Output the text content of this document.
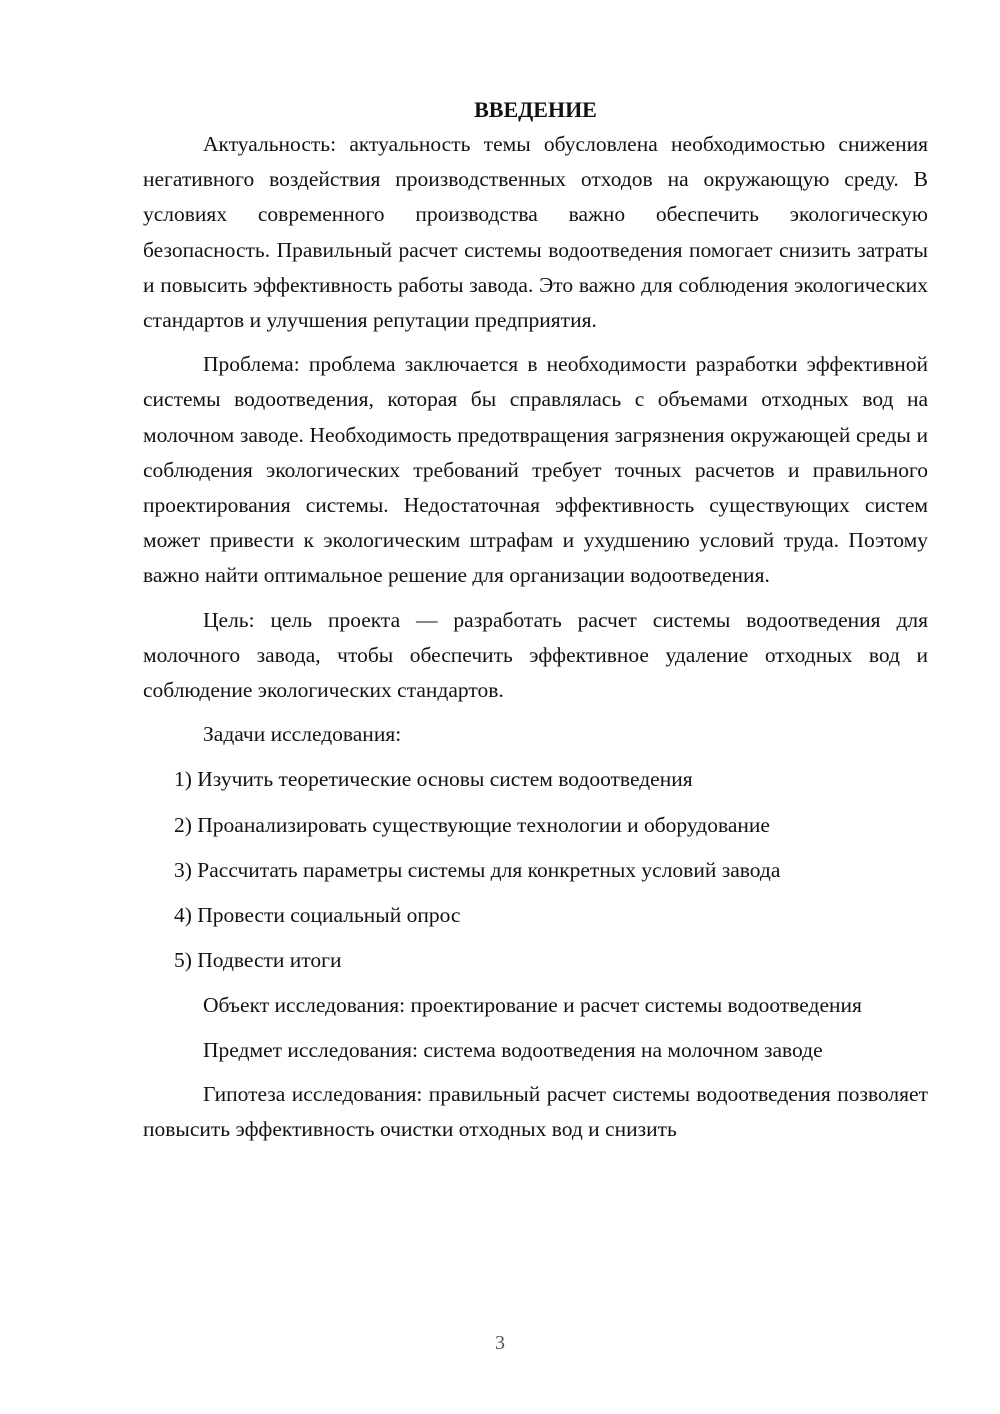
ВВЕДЕНИЕ

Актуальность: актуальность темы обусловлена необходимостью снижения негативного воздействия производственных отходов на окружающую среду. В условиях современного производства важно обеспечить экологическую безопасность. Правильный расчет системы водоотведения помогает снизить затраты и повысить эффективность работы завода. Это важно для соблюдения экологических стандартов и улучшения репутации предприятия.

Проблема: проблема заключается в необходимости разработки эффективной системы водоотведения, которая бы справлялась с объемами отходных вод на молочном заводе. Необходимость предотвращения загрязнения окружающей среды и соблюдения экологических требований требует точных расчетов и правильного проектирования системы. Недостаточная эффективность существующих систем может привести к экологическим штрафам и ухудшению условий труда. Поэтому важно найти оптимальное решение для организации водоотведения.

Цель: цель проекта — разработать расчет системы водоотведения для молочного завода, чтобы обеспечить эффективное удаление отходных вод и соблюдение экологических стандартов.

Задачи исследования:

1) Изучить теоретические основы систем водоотведения
2) Проанализировать существующие технологии и оборудование
3) Рассчитать параметры системы для конкретных условий завода
4) Провести социальный опрос
5) Подвести итоги

Объект исследования: проектирование и расчет системы водоотведения

Предмет исследования: система водоотведения на молочном заводе

Гипотеза исследования: правильный расчет системы водоотведения позволяет повысить эффективность очистки отходных вод и снизить

3
